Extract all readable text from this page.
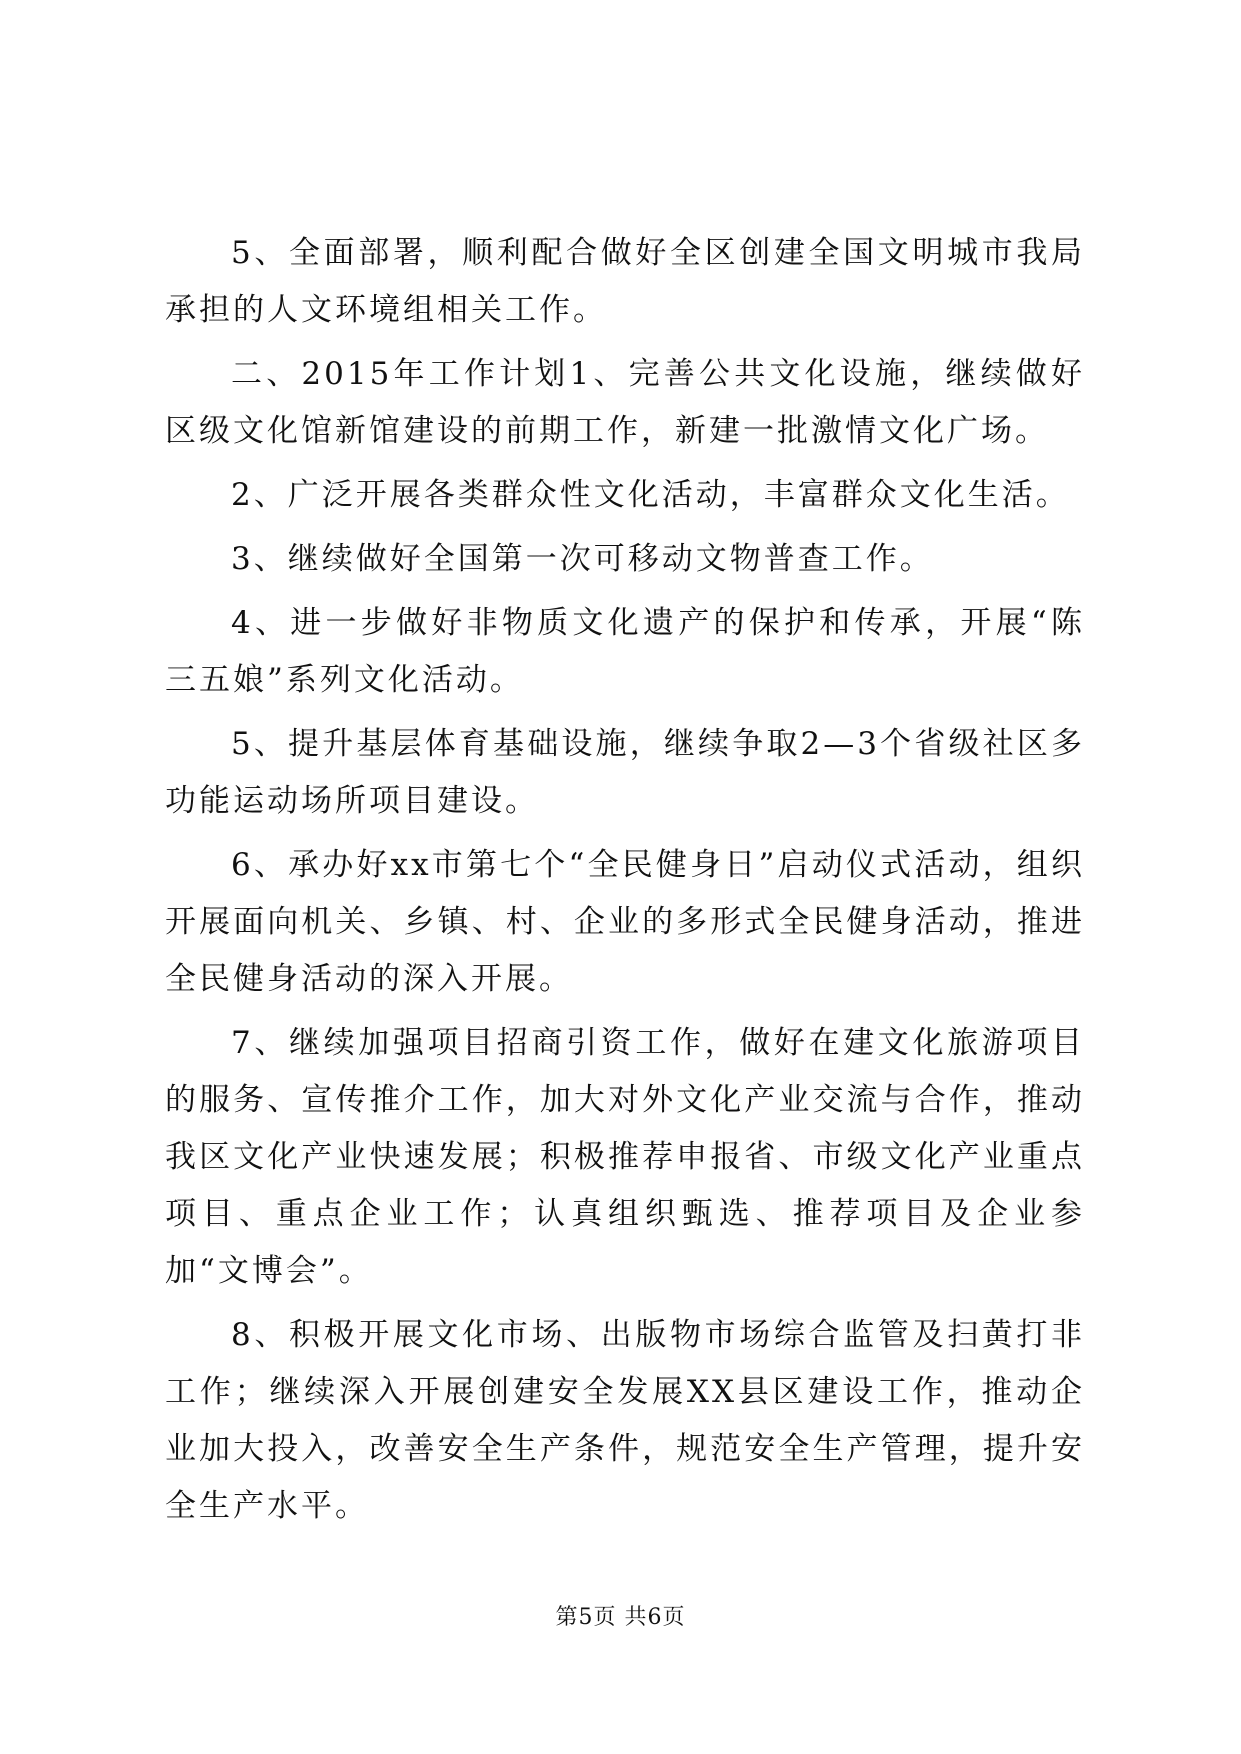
5、全面部署，顺利配合做好全区创建全国文明城市我局承担的人文环境组相关工作。

二、2015年工作计划1、完善公共文化设施，继续做好区级文化馆新馆建设的前期工作，新建一批激情文化广场。

2、广泛开展各类群众性文化活动，丰富群众文化生活。

3、继续做好全国第一次可移动文物普查工作。

4、进一步做好非物质文化遗产的保护和传承，开展“陈三五娘”系列文化活动。

5、提升基层体育基础设施，继续争取2—3个省级社区多功能运动场所项目建设。

6、承办好xx市第七个“全民健身日”启动仪式活动，组织开展面向机关、乡镇、村、企业的多形式全民健身活动，推进全民健身活动的深入开展。

7、继续加强项目招商引资工作，做好在建文化旅游项目的服务、宣传推介工作，加大对外文化产业交流与合作，推动我区文化产业快速发展；积极推荐申报省、市级文化产业重点项目、重点企业工作；认真组织甄选、推荐项目及企业参加“文博会”。

8、积极开展文化市场、出版物市场综合监管及扫黄打非工作；继续深入开展创建安全发展XX县区建设工作，推动企业加大投入，改善安全生产条件，规范安全生产管理，提升安全生产水平。

第5页 共6页
